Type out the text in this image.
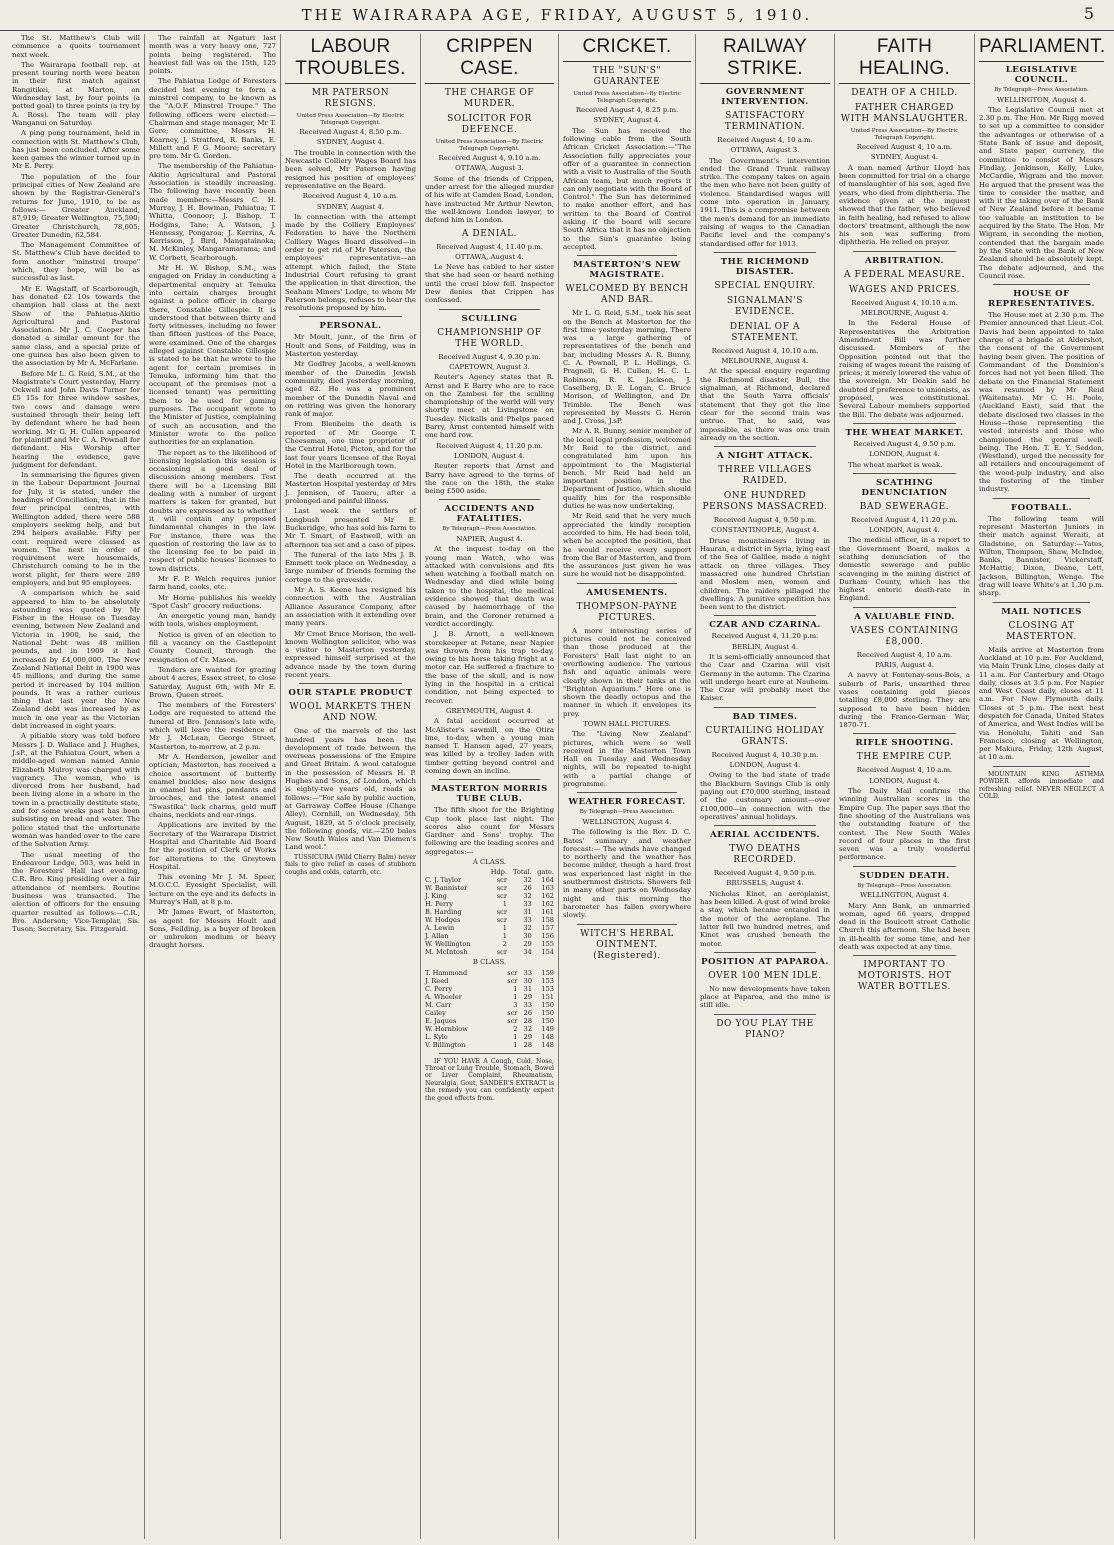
THE WAIRARAPA AGE, FRIDAY, AUGUST 5, 1910.	5

The St. Matthew's Club will commence a quoits tournament next week.

The Wairarapa football rep. at present touring north were beaten in their first match against Rangitikei, at Marton, on Wednesday last, by four points (a potted goal) to three points (a try by A. Ross). The team will play Wanganui on Saturday.

A ping pong tournament, held in connection with St. Matthew's Club, has just been concluded. After some keen games the winner turned up in Mr E. Perry.

The population of the four principal cities of New Zealand are shown by the Registrar-General's returns for June, 1910, to be as follows:— Greater Auckland, 87,919; Greater Wellington, 75,590; Greater Christchurch, 78,605; Greater Dunedin, 62,584.

The Management Committee of St. Matthew's Club have decided to form another "minstrel troupe" which, they hope, will be as successful as last.

Mr E. Wagstaff, of Scarborough, has donated £2 10s towards the champion ball class at the next Show of the Pahiatua-Akitio Agricultural and Pastoral Association. Mr J. C. Cooper has donated a similar amount for the same class, and a special prize of one guinea has also been given to the association by Mr A. McFarlane.

Before Mr L. G. Reid, S.M., at the Magistrate's Court yesterday, Harry Ockwell and John Davis Turner for £5 15s for three window sashes, two cows and damage were sustained through their being left by defendant where he had been working. Mr G. H. Cullen appeared for plaintiff and Mr C. A. Pownall for defendant. His Worship after hearing the evidence, gave judgment for defendant.

In summarising the figures given in the Labour Department Journal for July, it is stated, under the headings of Conciliation, that in the four principal centres, with Wellington added, there were 588 employers seeking help, and but 294 helpers available. Fifty per cent. required were classed as women. The next in order of requirement were housemaids, Christchurch coming to be in the worst plight, for there were 289 employers, and but 95 employees.

A comparison which he said appeared to him to be absolutely astounding was quoted by Mr Fisher in the House on Tuesday evening, between New Zealand and Victoria in 1900, he said, the National Debt was 48 million pounds, and in 1909 it had increased by £4,000,000. The New Zealand National Debt in 1900 was 45 millions, and during the same period it increased by 104 million pounds. It was a rather curious thing that last year the New Zealand debt was increased by as much in one year as the Victorian debt increased in eight years.

A pitiable story was told before Messrs J. D. Wallace and J. Hughes, J.sP., at the Pahiatua Court, when a middle-aged woman named Annie Elizabeth Mulroy was charged with vagrancy. The woman, who is divorced from her husband, had been living alone in a whare in the town in a practically destitute state, and for some weeks past has been subsisting on bread and water. The police stated that the unfortunate woman was handed over to the care of the Salvation Army.

The usual meeting of the Endeavour Lodge, 503, was held in the Foresters' Hall last evening, C.R. Bro. King presiding over a fair attendance of members. Routine business was transacted. The election of officers for the ensuing quarter resulted as follows:—C.R., Bro. Anderson; Vice-Templar, Sis. Tuson; Secretary, Sis. Fitzgerald.

The rainfall at Ngaturi last month was a very heavy one, 727 points being registered. The heaviest fall was on the 15th, 125 points.

The Pahiatua Lodge of Foresters decided last evening to form a minstrel company, to be known as the "A.O.F. Minstrel Troupe." The following officers were elected:—Chairman and stage manager, Mr T. Gore; committee, Messrs H. Kearney, J. Stratford, R. Banks, E. Millett and F. G. Moore; secretary pro tem. Mr G. Gordon.

The membership of the Pahiatua-Akitio Agricultural and Pastoral Association is steadily increasing. The following have recently been made members:—Messrs C. H. Murray, J. H. Bowman, Pahiatua; T. Whitta, Coonoor; J. Bishop, T. Hodgins, Tane; A. Watson, J. Hennessy, Pongaroa; J. Kerrins, A. Kerrisson, J. Bird, Mangatainoka; M. McKinley, Mangaramarama; and W. Corbett, Scarborough.

Mr H. W. Bishop, S.M., was engaged on Friday in conducting a departmental enquiry at Temuka into certain charges brought against a police officer in charge there, Constable Gillespie. It is understood that between thirty and forty witnesses, including no fewer than fifteen justices of the Peace, were examined. One of the charges alleged against Constable Gillespie is stated to be that he wrote to the agent for certain premises in Temuka, informing him that the occupant of the premises (not a licensed tenant) was permitting them to be used for gaming purposes. The occupant wrote to the Minister of Justice, complaining of such an accusation, and the Minister wrote to the police authorities for an explanation.

The report as to the likelihood of licensing legislation this session is occasioning a good deal of discussion among members. Test there will be a Licensing Bill dealing with a number of urgent matters is taken for granted, but doubts are expressed as to whether it will contain any proposed fundamental changes in the law. For instance, there was the question of restoring the law as to the licensing fee to be paid in respect of public houses' licenses to town districts.

Mr F. P. Welch requires junior farm hand, cooks, etc.

Mr Horne publishes his weekly "Spot Cash" grocery reductions.

An energetic young man, handy with tools, wishes employment.

Notice is given of an election to fill a vacancy on the Castlepoint County Council, through the resignation of Cr. Mason.

Tenders are wanted for grazing about 4 acres, Essex street, to close Saturday, August 6th, with Mr E. Brown, Queen street.

The members of the Foresters' Lodge are requested to attend the funeral of Bro. Jennison's late wife, which will leave the residence of Mr J. McLean, George Street, Masterton, to-morrow, at 2 p.m.

Mr A. Henderson, jeweller and optician, Masterton, has received a choice assortment of butterfly enamel buckles; also new designs in enamel hat pins, pendants and brooches, and the latest enamel "Swastika" luck charms, gold muff chains, necklets and ear-rings.

Applications are invited by the Secretary of the Wairarapa District Hospital and Charitable Aid Board for the position of Clerk of Works for alterations to the Greytown Hospital.

This evening Mr J. M. Speer, M.O.C.C. Eyesight Specialist, will lecture on the eye and its defects in Murray's Hall, at 8 p.m.

Mr James Ewart, of Masterton, as agent for Messrs Hoult and Sons, Feilding, is a buyer of broken or unbroken medium or heavy draught horses.

LABOUR TROUBLES.
MR PATERSON RESIGNS.
United Press Association—By Electric Telegraph Copyright.
Received August 4, 8.50 p.m.
SYDNEY, August 4.

The trouble in connection with the Newcastle Colliery Wages Board has been solved, Mr Paterson having resigned his position of employees' representative on the Board.

Received August 4, 10 a.m.
SYDNEY, August 4.

In connection with the attempt made by the Colliery Employees' Federation to have the Northern Colliery Wages Board dissolved—in order to get rid of Mr Paterson, the employees' representative—an attempt which failed, the State Industrial Court refusing to grant the application in that direction, the Seaham Miners' Lodge, to whom Mr Paterson belongs, refuses to hear the resolutions proposed by him.

PERSONAL.

Mr Moult, junr., of the firm of Hoult and Sons, of Feilding, was in Masterton yesterday.

Mr Godfrey Jacobs, a well-known member of the Dunedin Jewish community, died yesterday morning, aged 82. He was a prominent member of the Dunedin Naval and on retiring was given the honorary rank of major.

From Blenheim the death is reported of Mr George T. Cheeseman, one time proprietor of the Central Hotel, Picton, and for the last four years licensee of the Royal Hotel in the Marlborough town.

The death occurred at the Masterton Hospital yesterday of Mrs J. Jennison, of Taueru, after a prolonged and painful illness.

Last week the settlers of Longbush presented Mr E. Buckeridge, who has sold his farm to Mr T. Smart, of Eastwell, with an afternoon tea set and a case of pipes.

The funeral of the late Mrs J. B. Emmett took place on Wednesday, a large number of friends forming the cortege to the graveside.

Mr A. S. Keene has resigned his connection with the Australian Alliance Assurance Company, after an association with it extending over many years.

Mr Croot Bruce Morison, the well-known Wellington solicitor, who was a visitor to Masterton yesterday, expressed himself surprised at the advance made by the town during recent years.

OUR STAPLE PRODUCT
WOOL MARKETS THEN AND NOW.

One of the marvels of the last hundred years has been the development of trade between the overseas possessions of the Empire and Great Britain. A wool catalogue in the possession of Messrs H. P. Hughes and Sons, of London, which is eighty-two years old, reads as follows:—"For sale by public auction, at Garraway Coffee House (Change Alley), Cornhill, on Wednesday, 5th August, 1829, at 5 o'clock precisely, the following goods, viz.—250 bales New South Wales and Van Diemen's Land wool."

TUSSICURA (Wild Cherry Balm) never fails to give relief in cases of stubborn coughs and colds, catarrh, etc.

CRIPPEN CASE.
THE CHARGE OF MURDER.
SOLICITOR FOR DEFENCE.
United Press Association—By Electric Telegraph Copyright.
Received August 4, 9.10 a.m.
OTTAWA, August 3.

Some of the friends of Crippen, under arrest for the alleged murder of his wife at Camden Road, London, have instructed Mr Arthur Newton, the well-known London lawyer, to defend him in London.

A DENIAL.
Received August 4, 11.40 p.m.
OTTAWA, August 4.

Le Neve has cabled to her sister that she had seen or heard nothing until the cruel blow fell. Inspector Dew denies that Crippen has confessed.

SCULLING
CHAMPIONSHIP OF THE WORLD.
Received August 4, 9.30 p.m.
CAPETOWN, August 3.

Reuter's Agency states that R. Arnst and E Barry who are to race on the Zambesi for the sculling championship of the world will very shortly meet at Livingstone on Tuesday. Nickalls and Phelps paced Barry, Arnst contented himself with one hard row.

Received August 4, 11.20 p.m.
LONDON, August 4.

Reuter reports that Arnst and Barry have agreed to the terms of the race on the 18th, the stake being £500 aside.

ACCIDENTS AND FATALITIES.
By Telegraph—Press Association.
NAPIER, August 4.

At the inquest to-day on the young man Watch, who was attacked with convulsions and fits when watching a football match on Wednesday and died while being taken to the hospital, the medical evidence showed that death was caused by haemorrhage of the brain, and the Coroner returned a verdict accordingly.

J. B. Arnott, a well-known storekeeper at Petane, near Napier was thrown from his trap to-day, owing to his horse taking fright at a motor car. He suffered a fracture to the base of the skull, and is now lying in the hospital in a critical condition, not being expected to recover.

GREYMOUTH, August 4.

A fatal accident occurred at McAlister's sawmill, on the Otira line, to-day, when a young man named T. Hansen aged, 27 years, was killed by a trolley laden with timber getting beyond control and coming down an incline.

MASTERTON MORRIS TUBE CLUB.

The fifth shoot for the Brighting Cup took place last night. The scores also count for Messrs Gardner and Sons' trophy. The following are the leading scores and aggregates:—

A CLASS.
	Hdp.	Total.	gate.
C. J. Taylor	scr	32	164
W. Bannister	scr	26	163
J. King	scr	32	162
H. Perry	1	33	162
B. Harding	scr	31	161
W. Hodges	scr	33	158
A. Lewin	1	32	157
J. Allan	1	30	156
W. Wellington	2	29	155
M. McIntosh	scr	34	154
B CLASS.
T. Hammond	scr	33	159
J. Reed	scr	30	153
C. Perry	1	31	153
A. Wheeler	1	29	151
M. Carr	3	33	150
Cailey	scr	26	150
E. Jaques	scr	28	150
W. Hornblow	2	32	149
L. Kyle	1	29	148
V. Billington	1	28	148

IF YOU HAVE A Cough, Cold, Nose, Throat or Lung Trouble, Stomach, Bowel or Liver Complaint, Rheumatism, Neuralgia, Gout, SANDER'S EXTRACT is the remedy you can confidently expect the good effects from.

CRICKET.
THE "SUN'S" GUARANTEE
United Press Association—By Electric Telegraph Copyright.
Received August 4, 8.25 p.m.
SYDNEY, August 4.

The Sun has received the following cable from the South African Cricket Association:—"The Association fully appreciates your offer of a guarantee in connection with a visit to Australia of the South African team, but much regrets it can only negotiate with the Board of Control." The Sun has determined to make another effort, and has written to the Board of Control asking if the board will secure South Africa that it has no objection to the Sun's guarantee being accepted.

MASTERTON'S NEW MAGISTRATE.
WELCOMED BY BENCH AND BAR.

Mr L. G. Reid, S.M., took his seat on the Bench at Masterton for the first time yesterday morning. There was a large gathering of representatives of the bench and bar, including Messrs A. R. Bunny, C. A. Pownall, P. L. Hollings, G. Pragnell, G. H. Cullen, H. C. L. Robinson, R. K. Jackson, J. Caselberg, D. E. Logan, C. Bruce Morison, of Wellington, and Dr. Trimble. The Bench was represented by Messrs G. Heron and J. Cross, J.sP.

Mr A. R. Bunny, senior member of the local legal profession, welcomed Mr Reid to the district, and congratulated him upon his appointment to the Magisterial bench. Mr Reid had held an important position in the Department of Justice, which should qualify him for the responsible duties he was now undertaking.

Mr Reid said that he very much appreciated the kindly reception accorded to him. He had been told, when he accepted the position, that he would receive every support from the Bar of Masterton, and from the assurances just given he was sure he would not be disappointed.

AMUSEMENTS.
THOMPSON-PAYNE PICTURES.

A more interesting series of pictures could not be conceived than those produced at the Foresters' Hall last night to an overflowing audience. The various fish and aquatic animals were clearly shown in their tanks at the "Brighton Aquarium." Here one is shown the deadly octopus and the manner in which it envelopes its prey.

TOWN HALL PICTURES.

The "Living New Zealand" pictures, which were so well received in the Masterton Town Hall on Tuesday and Wednesday nights, will be repeated to-night with a partial change of programme.

WEATHER FORECAST.
By Telegraph—Press Association.
WELLINGTON, August 4.

The following is the Rev. D. C. Bates' summary and weather forecast:— The winds have changed to northerly and the weather has become milder, though a hard frost was experienced last night in the southernmost districts. Showers fell in many other parts on Wednesday night and this morning the barometer has fallen everywhere slowly.

WITCH'S HERBAL OINTMENT. (Registered).
RAILWAY STRIKE.
GOVERNMENT INTERVENTION.
SATISFACTORY TERMINATION.
Received August 4, 10 a.m.
OTTAWA, August 3.

The Government's intervention ended the Grand Trunk railway strike. The company takes on again the men who have not been guilty of violence. Standardised wages will come into operation in January, 1911. This is a compromise between the men's demand for an immediate raising of wages to the Canadian Pacific level and the company's standardised offer for 1913.

THE RICHMOND DISASTER.
SPECIAL ENQUIRY.
SIGNALMAN'S EVIDENCE.
DENIAL OF A STATEMENT.
Received August 4, 10.10 a.m.
MELBOURNE, August 4.

At the special enquiry regarding the Richmond disaster, Bull, the signalman, at Richmond, declared that the South Yarra officials' statement that they got the line clear for the second train was untrue. That, he said, was impossible, as there was one train already on the section.

A NIGHT ATTACK.
THREE VILLAGES RAIDED.
ONE HUNDRED PERSONS MASSACRED.
Received August 4, 9.50 p.m.
CONSTANTINOPLE, August 4.

Druse mountaineers living in Hauran, a district in Syria, lying east of the Sea of Galilee, made a night attack on three villages. They massacred one hundred Christian and Moslem men, women and children. The raiders pillaged the dwellings. A punitive expedition has been sent to the district.

CZAR AND CZARINA.
Received August 4, 11.20 p.m.
BERLIN, August 4.

It is semi-officially announced that the Czar and Czarina will visit Germany in the autumn. The Czarina will undergo heart cure at Nauheim. The Czar will probably meet the Kaiser.

BAD TIMES.
CURTAILING HOLIDAY GRANTS.
Received August 4, 10.30 p.m.
LONDON, August 4.

Owing to the bad state of trade the Blackburn Savings Club is only paying out £70,000 sterling, instead of the customary amount—over £100,000—in connection with the operatives' annual holidays.

AERIAL ACCIDENTS.
TWO DEATHS RECORDED.
Received August 4, 9.50 p.m.
BRUSSELS, August 4.

Nicholas Kinet, an aeroplanist, has been killed. A gust of wind broke a stay, which became entangled in the motor of the aeroplane. The latter fell two hundred metres, and Kinet was crushed beneath the motor.

POSITION AT PAPAROA.
OVER 100 MEN IDLE.

No new developments have taken place at Paparoa, and the mine is still idle.

DO YOU PLAY THE PIANO?
FAITH HEALING.
DEATH OF A CHILD.
FATHER CHARGED WITH MANSLAUGHTER.
United Press Association—By Electric Telegraph Copyright.
Received August 4, 10 a.m.
SYDNEY, August 4.

A man named Arthur Lloyd has been committed for trial on a charge of manslaughter of his son, aged five years, who died from diphtheria. The evidence given at the inquest showed that the father, who believed in faith healing, had refused to allow doctors' treatment, although the new his son was suffering from diphtheria. He relied on prayer.

ARBITRATION.
A FEDERAL MEASURE.
WAGES AND PRICES.
Received August 4, 10.10 a.m.
MELBOURNE, August 4.

In the Federal House of Representatives the Arbitration Amendment Bill was further discussed. Members of the Opposition pointed out that the raising of wages meant the raising of prices; it merely lowered the value of the sovereign. Mr Deakin said he doubted if preference to unionists, as proposed, was constitutional. Several Labour members supported the Bill. The debate was adjourned.

THE WHEAT MARKET.
Received August 4, 9.50 p.m.
LONDON, August 4.

The wheat market is weak.

SCATHING DENUNCIATION
BAD SEWERAGE.
Received August 4, 11.20 p.m.
LONDON, August 4.

The medical officer, in a report to the Government Board, makes a scathing denunciation of the domestic sewerage and public scavenging in the mining district of Durham County, which has the highest enteric death-rate in England.

A VALUABLE FIND.
VASES CONTAINING £8,000.
Received August 4, 10 a.m.
PARIS, August 4.

A navvy at Fontenay-sous-Bois, a suburb of Paris, unearthed three vases containing gold pieces totalling £8,000 sterling. They are supposed to have been hidden during the Franco-German War, 1870-71.

RIFLE SHOOTING.
THE EMPIRE CUP.
Received August 4, 10 a.m.
LONDON, August 4.

The Daily Mail confirms the winning Australian scores in the Empire Cup. The paper says that the fine shooting of the Australians was the outstanding feature of the contest. The New South Wales record of four places in the first seven was a truly wonderful performance.

SUDDEN DEATH.
By Telegraph—Press Association.
WELLINGTON, August 4.

Mary Ann Bank, an unmarried woman, aged 66 years, dropped dead in the Boulcott street Catholic Church this afternoon. She had been in ill-health for some time, and her death was expected at any time.

IMPORTANT TO MOTORISTS. HOT WATER BOTTLES.
PARLIAMENT.
LEGISLATIVE COUNCIL.
By Telegraph—Press Association.
WELLINGTON, August 4.

The Legislative Council met at 2.30 p.m. The Hon. Mr Rigg moved to set up a committee to consider the advantages or otherwise of a State Bank of issue and deposit, and State paper currency, the committee to consist of Messrs Findlay, Jenkinson, Kelly, Luke, McCardle, Wigram and the mover. He argued that the present was the time to consider the matter, and with it the taking over of the Bank of New Zealand before it became too valuable an institution to be acquired by the State. The Hon. Mr Wigram, in seconding the motion, contended that the bargain made by the State with the Bank of New Zealand should be absolutely kept. The debate adjourned, and the Council rose.

HOUSE OF REPRESENTATIVES.

The House met at 2.30 p.m. The Premier announced that Lieut.-Col. Davis had been appointed to take charge of a brigade at Aldershot, the consent of the Government having been given. The position of Commandant of the Dominion's forces had not yet been filled. The debate on the Financial Statement was resumed by Mr Reid (Waitemata). Mr C. H. Poole, (Auckland East), said that the debate disclosed two classes in the House—those representing the vested interests and those who championed the general well-being. The Hon. T. E. Y. Seddon, (Westland), urged the necessity for all retailers and encouragement of the wood-pulp industry, and also the fostering of the timber industry.

FOOTBALL.

The following team will represent Masterton Juniors in their match against Weraiti, at Gladstone, on Saturday:—Yates, Wilton, Thompson, Shaw, McIndoe, Banks, Bannister, Vickerstaff, McHattie, Dixon, Deane, Lett, Jackson, Billington, Wenge. The drag will leave White's at 1.30 p.m. sharp.

MAIL NOTICES
CLOSING AT MASTERTON.

Mails arrive at Masterton from Auckland at 10 p.m. For Auckland, via Main Trunk Line, closes daily at 11 a.m. For Canterbury and Otago daily, closes at 3.5 p.m. For Napier and West Coast daily, closes at 11 a.m. For New Plymouth daily. Closes at 5 p.m. The next best despatch for Canada, United States of America, and West Indies will be via Honolulu, Tahiti and San Francisco, closing at Wellington, per Makura, Friday, 12th August, at 10 a.m.

MOUNTAIN KING ASTHMA POWDER affords immediate and refreshing relief. NEVER NEGLECT A COLD.
